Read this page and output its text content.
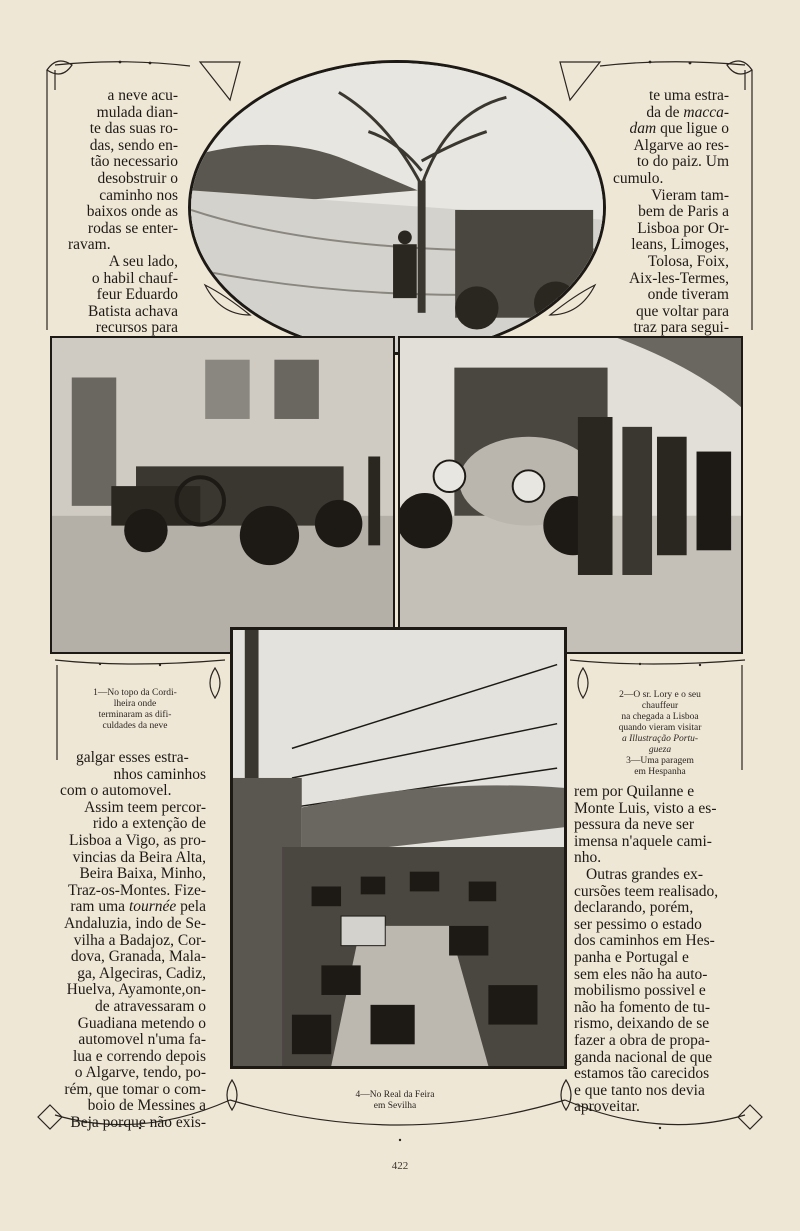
a neve acu-

mulada dian-

te das suas ro-

das, sendo en-

tão necessario

desobstruir o

caminho nos

baixos onde as

rodas se enter-

ravam.

A seu lado,

o habil chauf-

feur Eduardo

Batista achava

recursos para

te uma estra-

da de macca-

dam que ligue o

Algarve ao res-

to do paiz. Um

cumulo.

Vieram tam-

bem de Paris a

Lisboa por Or-

leans, Limoges,

Tolosa, Foix,

Aix-les-Termes,

onde tiveram

que voltar para

traz para segui-

1—No topo da Cordi-
lheira onde
terminaram as difi-
culdades da neve
2—O sr. Lory e o seu
chauffeur
na chegada a Lisboa
quando vieram visitar
a Illustração Portu-
gueza
3—Uma paragem
em Hespanha

galgar esses estra-

nhos caminhos

com o automovel.

Assim teem percor-

rido a extenção de

Lisboa a Vigo, as pro-

vincias da Beira Alta,

Beira Baixa, Minho,

Traz-os-Montes. Fize-

ram uma tournée pela

Andaluzia, indo de Se-

vilha a Badajoz, Cor-

dova, Granada, Mala-

ga, Algeciras, Cadiz,

Huelva, Ayamonte,on-

de atravessaram o

Guadiana metendo o

automovel n'uma fa-

lua e correndo depois

o Algarve, tendo, po-

rém, que tomar o com-

boio de Messines a

Beja porque não exis-

rem por Quilanne e

Monte Luis, visto a es-

pessura da neve ser

imensa n'aquele cami-

nho.

Outras grandes ex-

cursões teem realisado,

declarando, porém,

ser pessimo o estado

dos caminhos em Hes-

panha e Portugal e

sem eles não ha auto-

mobilismo possivel e

não ha fomento de tu-

rismo, deixando de se

fazer a obra de propa-

ganda nacional de que

estamos tão carecidos

e que tanto nos devia

aproveitar.

4—No Real da Feira
em Sevilha
422
